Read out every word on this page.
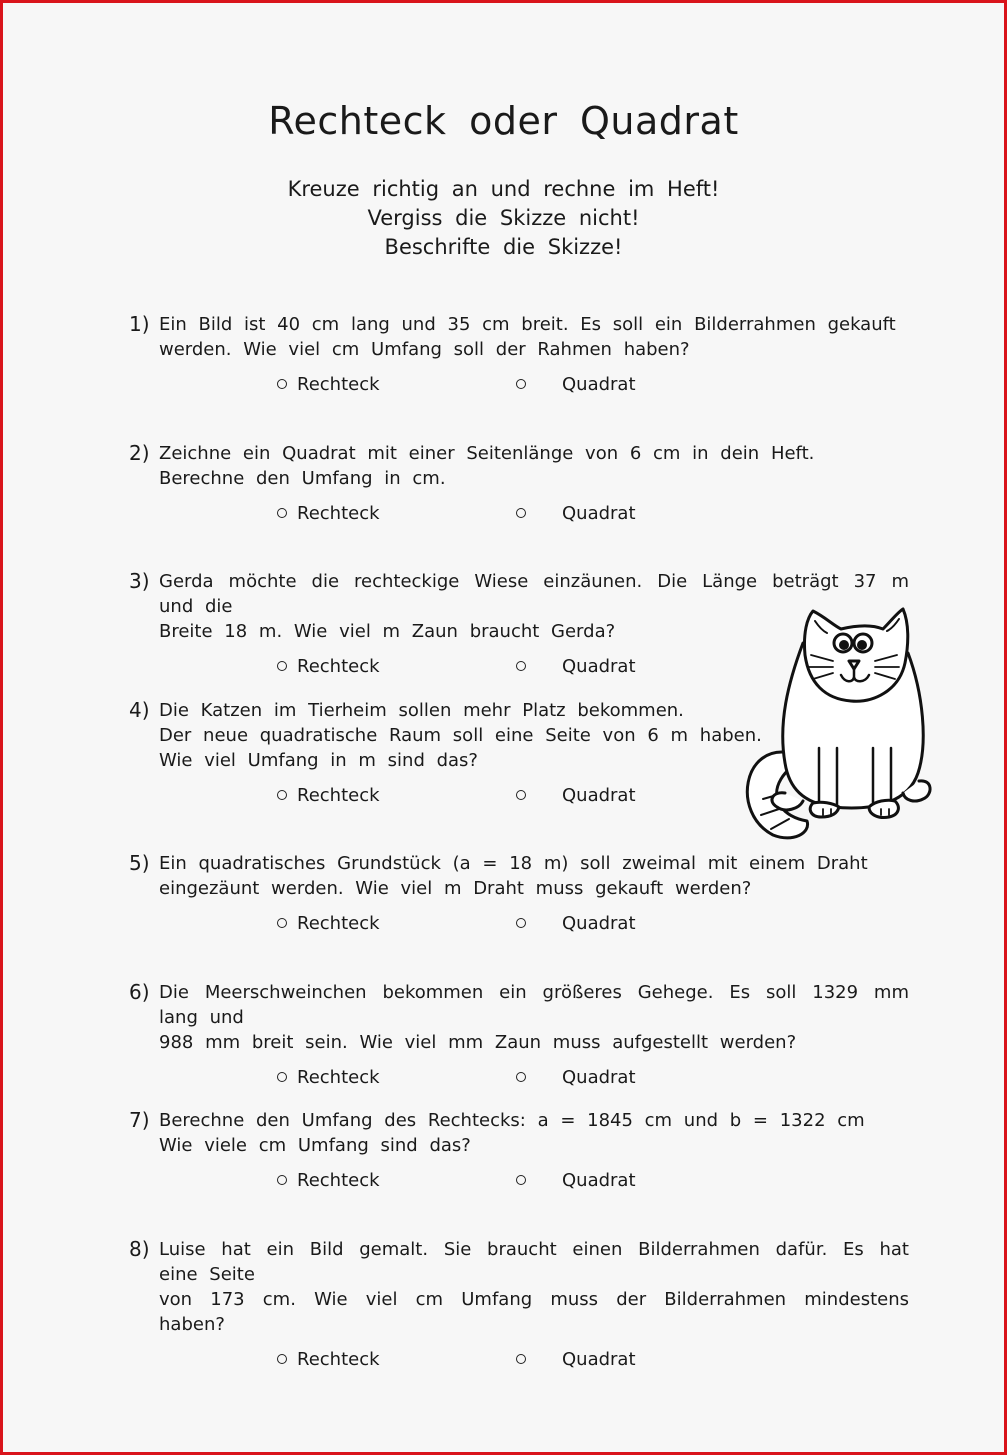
Rechteck oder Quadrat
Kreuze richtig an und rechne im Heft!
Vergiss die Skizze nicht!
Beschrifte die Skizze!
1) Ein Bild ist 40 cm lang und 35 cm breit. Es soll ein Bilderrahmen gekauft
werden. Wie viel cm Umfang soll der Rahmen haben?
Rechteck	Quadrat
2) Zeichne ein Quadrat mit einer Seitenlänge von 6 cm in dein Heft.
Berechne den Umfang in cm.
Rechteck	Quadrat
3) Gerda möchte die rechteckige Wiese einzäunen. Die Länge beträgt 37 m und die
Breite 18 m. Wie viel m Zaun braucht Gerda?
Rechteck	Quadrat
4) Die Katzen im Tierheim sollen mehr Platz bekommen.
Der neue quadratische Raum soll eine Seite von 6 m haben.
Wie viel Umfang in m sind das?
Rechteck	Quadrat
5) Ein quadratisches Grundstück (a = 18 m) soll zweimal mit einem Draht
eingezäunt werden. Wie viel m Draht muss gekauft werden?
Rechteck	Quadrat
6) Die Meerschweinchen bekommen ein größeres Gehege. Es soll 1329 mm lang und
988 mm breit sein. Wie viel mm Zaun muss aufgestellt werden?
Rechteck	Quadrat
7) Berechne den Umfang des Rechtecks: a = 1845 cm und b = 1322 cm
Wie viele cm Umfang sind das?
Rechteck	Quadrat
8) Luise hat ein Bild gemalt. Sie braucht einen Bilderrahmen dafür. Es hat eine Seite
von 173 cm. Wie viel cm Umfang muss der Bilderrahmen mindestens haben?
Rechteck	Quadrat
